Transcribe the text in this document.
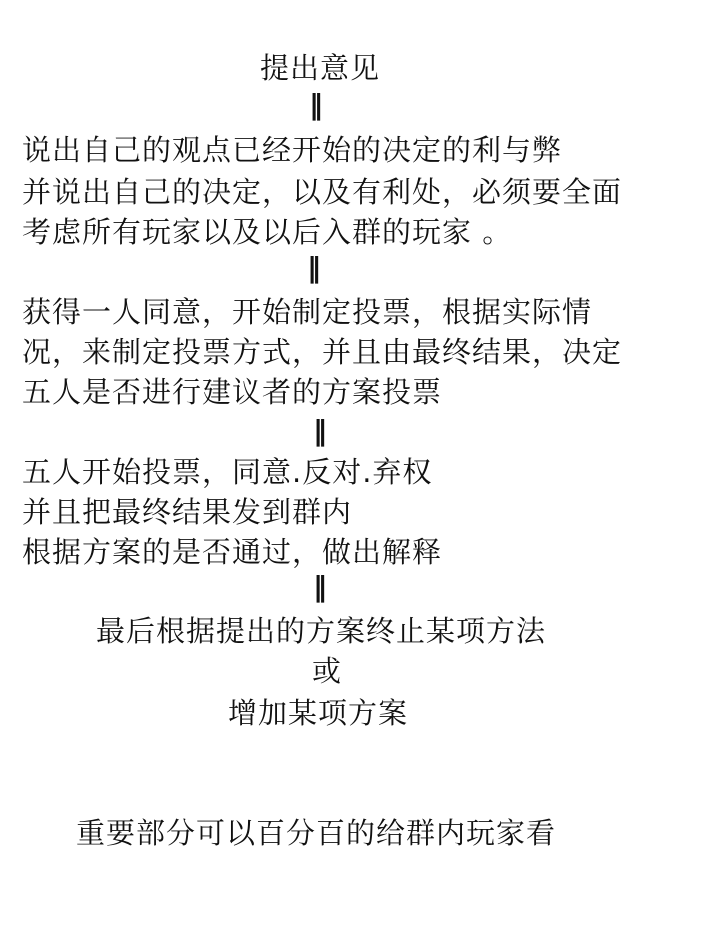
提出意见
‖
说出自己的观点已经开始的决定的利与弊
并说出自己的决定，以及有利处，必须要全面
考虑所有玩家以及以后入群的玩家 。
‖
获得一人同意，开始制定投票，根据实际情
况，来制定投票方式，并且由最终结果，决定
五人是否进行建议者的方案投票
‖
五人开始投票，同意.反对.弃权
并且把最终结果发到群内
根据方案的是否通过，做出解释
‖
最后根据提出的方案终止某项方法
或
增加某项方案
重要部分可以百分百的给群内玩家看
